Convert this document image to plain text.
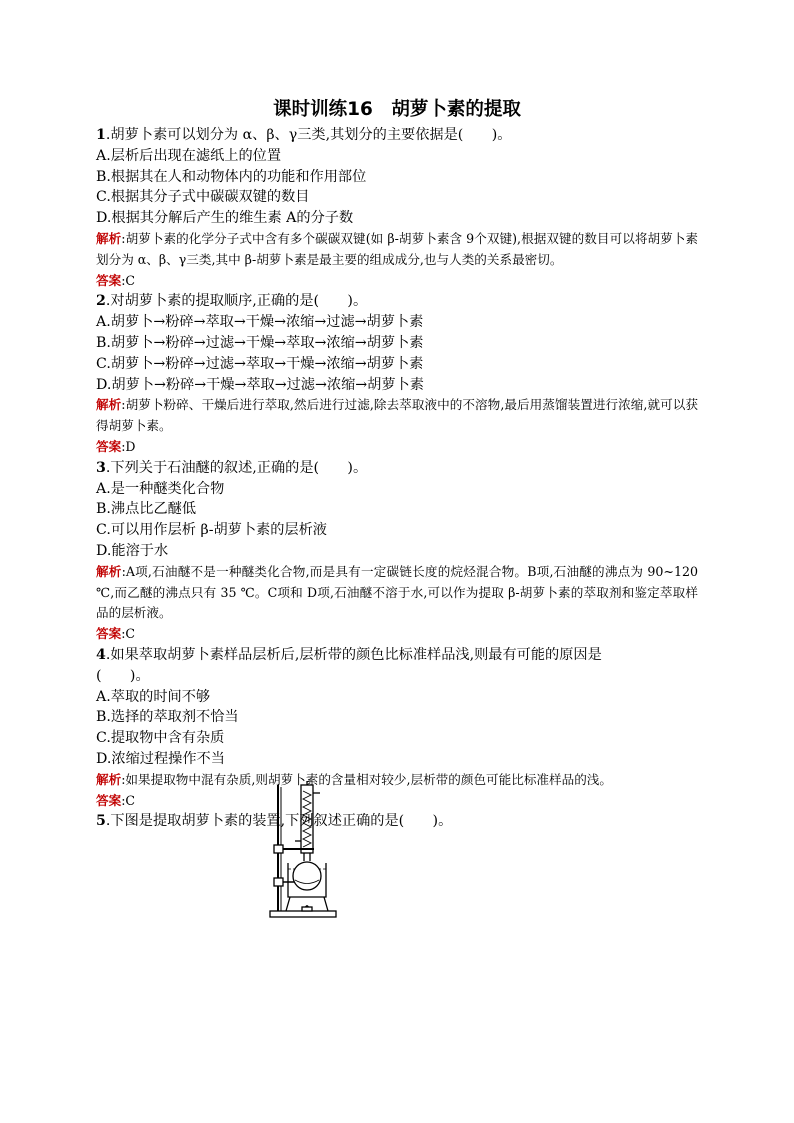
课时训练16　胡萝卜素的提取
1.胡萝卜素可以划分为 α、β、γ三类,其划分的主要依据是(　　)。
A.层析后出现在滤纸上的位置
B.根据其在人和动物体内的功能和作用部位
C.根据其分子式中碳碳双键的数目
D.根据其分解后产生的维生素 A的分子数
解析:胡萝卜素的化学分子式中含有多个碳碳双键(如 β-胡萝卜素含 9个双键),根据双键的数目可以将胡萝卜素划分为 α、β、γ三类,其中 β-胡萝卜素是最主要的组成成分,也与人类的关系最密切。
答案:C
2.对胡萝卜素的提取顺序,正确的是(　　)。
A.胡萝卜→粉碎→萃取→干燥→浓缩→过滤→胡萝卜素
B.胡萝卜→粉碎→过滤→干燥→萃取→浓缩→胡萝卜素
C.胡萝卜→粉碎→过滤→萃取→干燥→浓缩→胡萝卜素
D.胡萝卜→粉碎→干燥→萃取→过滤→浓缩→胡萝卜素
解析:胡萝卜粉碎、干燥后进行萃取,然后进行过滤,除去萃取液中的不溶物,最后用蒸馏装置进行浓缩,就可以获得胡萝卜素。
答案:D
3.下列关于石油醚的叙述,正确的是(　　)。
A.是一种醚类化合物
B.沸点比乙醚低
C.可以用作层析 β-胡萝卜素的层析液
D.能溶于水
解析:A项,石油醚不是一种醚类化合物,而是具有一定碳链长度的烷烃混合物。B项,石油醚的沸点为 90~120 ℃,而乙醚的沸点只有 35 ℃。C项和 D项,石油醚不溶于水,可以作为提取 β-胡萝卜素的萃取剂和鉴定萃取样品的层析液。
答案:C
4.如果萃取胡萝卜素样品层析后,层析带的颜色比标准样品浅,则最有可能的原因是
(　　)。
A.萃取的时间不够
B.选择的萃取剂不恰当
C.提取物中含有杂质
D.浓缩过程操作不当
解析:如果提取物中混有杂质,则胡萝卜素的含量相对较少,层析带的颜色可能比标准样品的浅。
答案:C
5.下图是提取胡萝卜素的装置,下列叙述正确的是(　　)。
